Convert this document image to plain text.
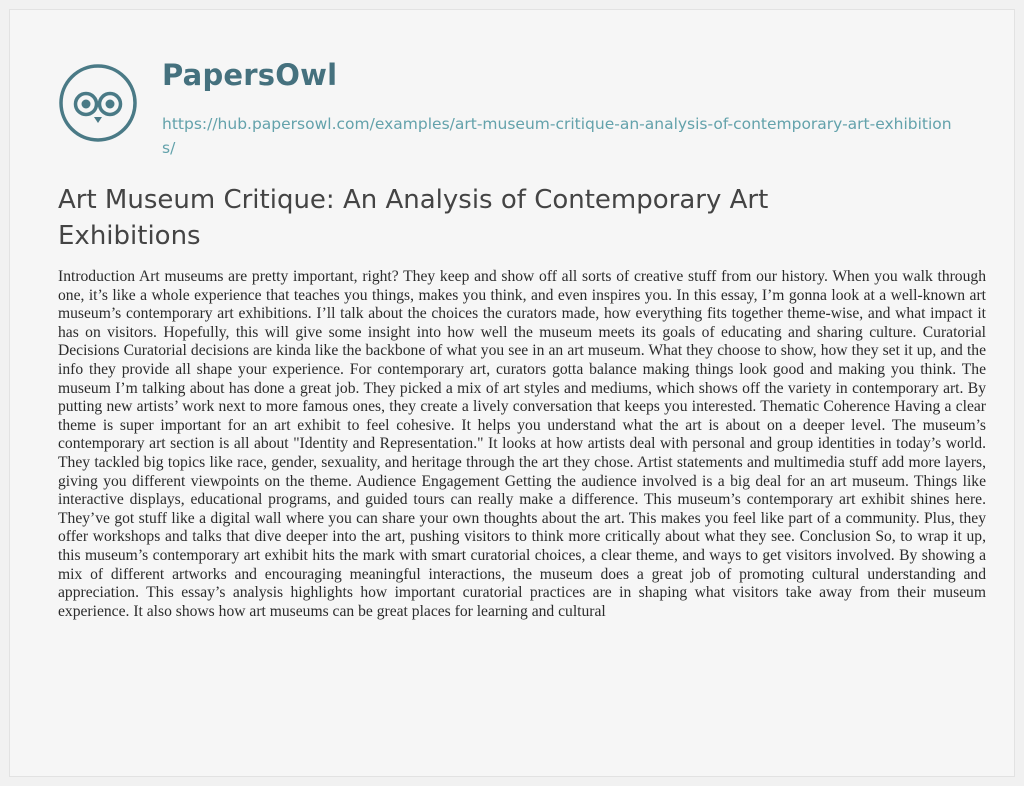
PapersOwl
https://hub.papersowl.com/examples/art-museum-critique-an-analysis-of-contemporary-art-exhibitions/
Art Museum Critique: An Analysis of Contemporary Art Exhibitions

Introduction Art museums are pretty important, right? They keep and show off all sorts of creative stuff from our history. When you walk through one, it’s like a whole experience that teaches you things, makes you think, and even inspires you. In this essay, I’m gonna look at a well-known art museum’s contemporary art exhibitions. I’ll talk about the choices the curators made, how everything fits together theme-wise, and what impact it has on visitors. Hopefully, this will give some insight into how well the museum meets its goals of educating and sharing culture. Curatorial Decisions Curatorial decisions are kinda like the backbone of what you see in an art museum. What they choose to show, how they set it up, and the info they provide all shape your experience. For contemporary art, curators gotta balance making things look good and making you think. The museum I’m talking about has done a great job. They picked a mix of art styles and mediums, which shows off the variety in contemporary art. By putting new artists’ work next to more famous ones, they create a lively conversation that keeps you interested. Thematic Coherence Having a clear theme is super important for an art exhibit to feel cohesive. It helps you understand what the art is about on a deeper level. The museum’s contemporary art section is all about "Identity and Representation." It looks at how artists deal with personal and group identities in today’s world. They tackled big topics like race, gender, sexuality, and heritage through the art they chose. Artist statements and multimedia stuff add more layers, giving you different viewpoints on the theme. Audience Engagement Getting the audience involved is a big deal for an art museum. Things like interactive displays, educational programs, and guided tours can really make a difference. This museum’s contemporary art exhibit shines here. They’ve got stuff like a digital wall where you can share your own thoughts about the art. This makes you feel like part of a community. Plus, they offer workshops and talks that dive deeper into the art, pushing visitors to think more critically about what they see. Conclusion So, to wrap it up, this museum’s contemporary art exhibit hits the mark with smart curatorial choices, a clear theme, and ways to get visitors involved. By showing a mix of different artworks and encouraging meaningful interactions, the museum does a great job of promoting cultural understanding and appreciation. This essay’s analysis highlights how important curatorial practices are in shaping what visitors take away from their museum experience. It also shows how art museums can be great places for learning and cultural
